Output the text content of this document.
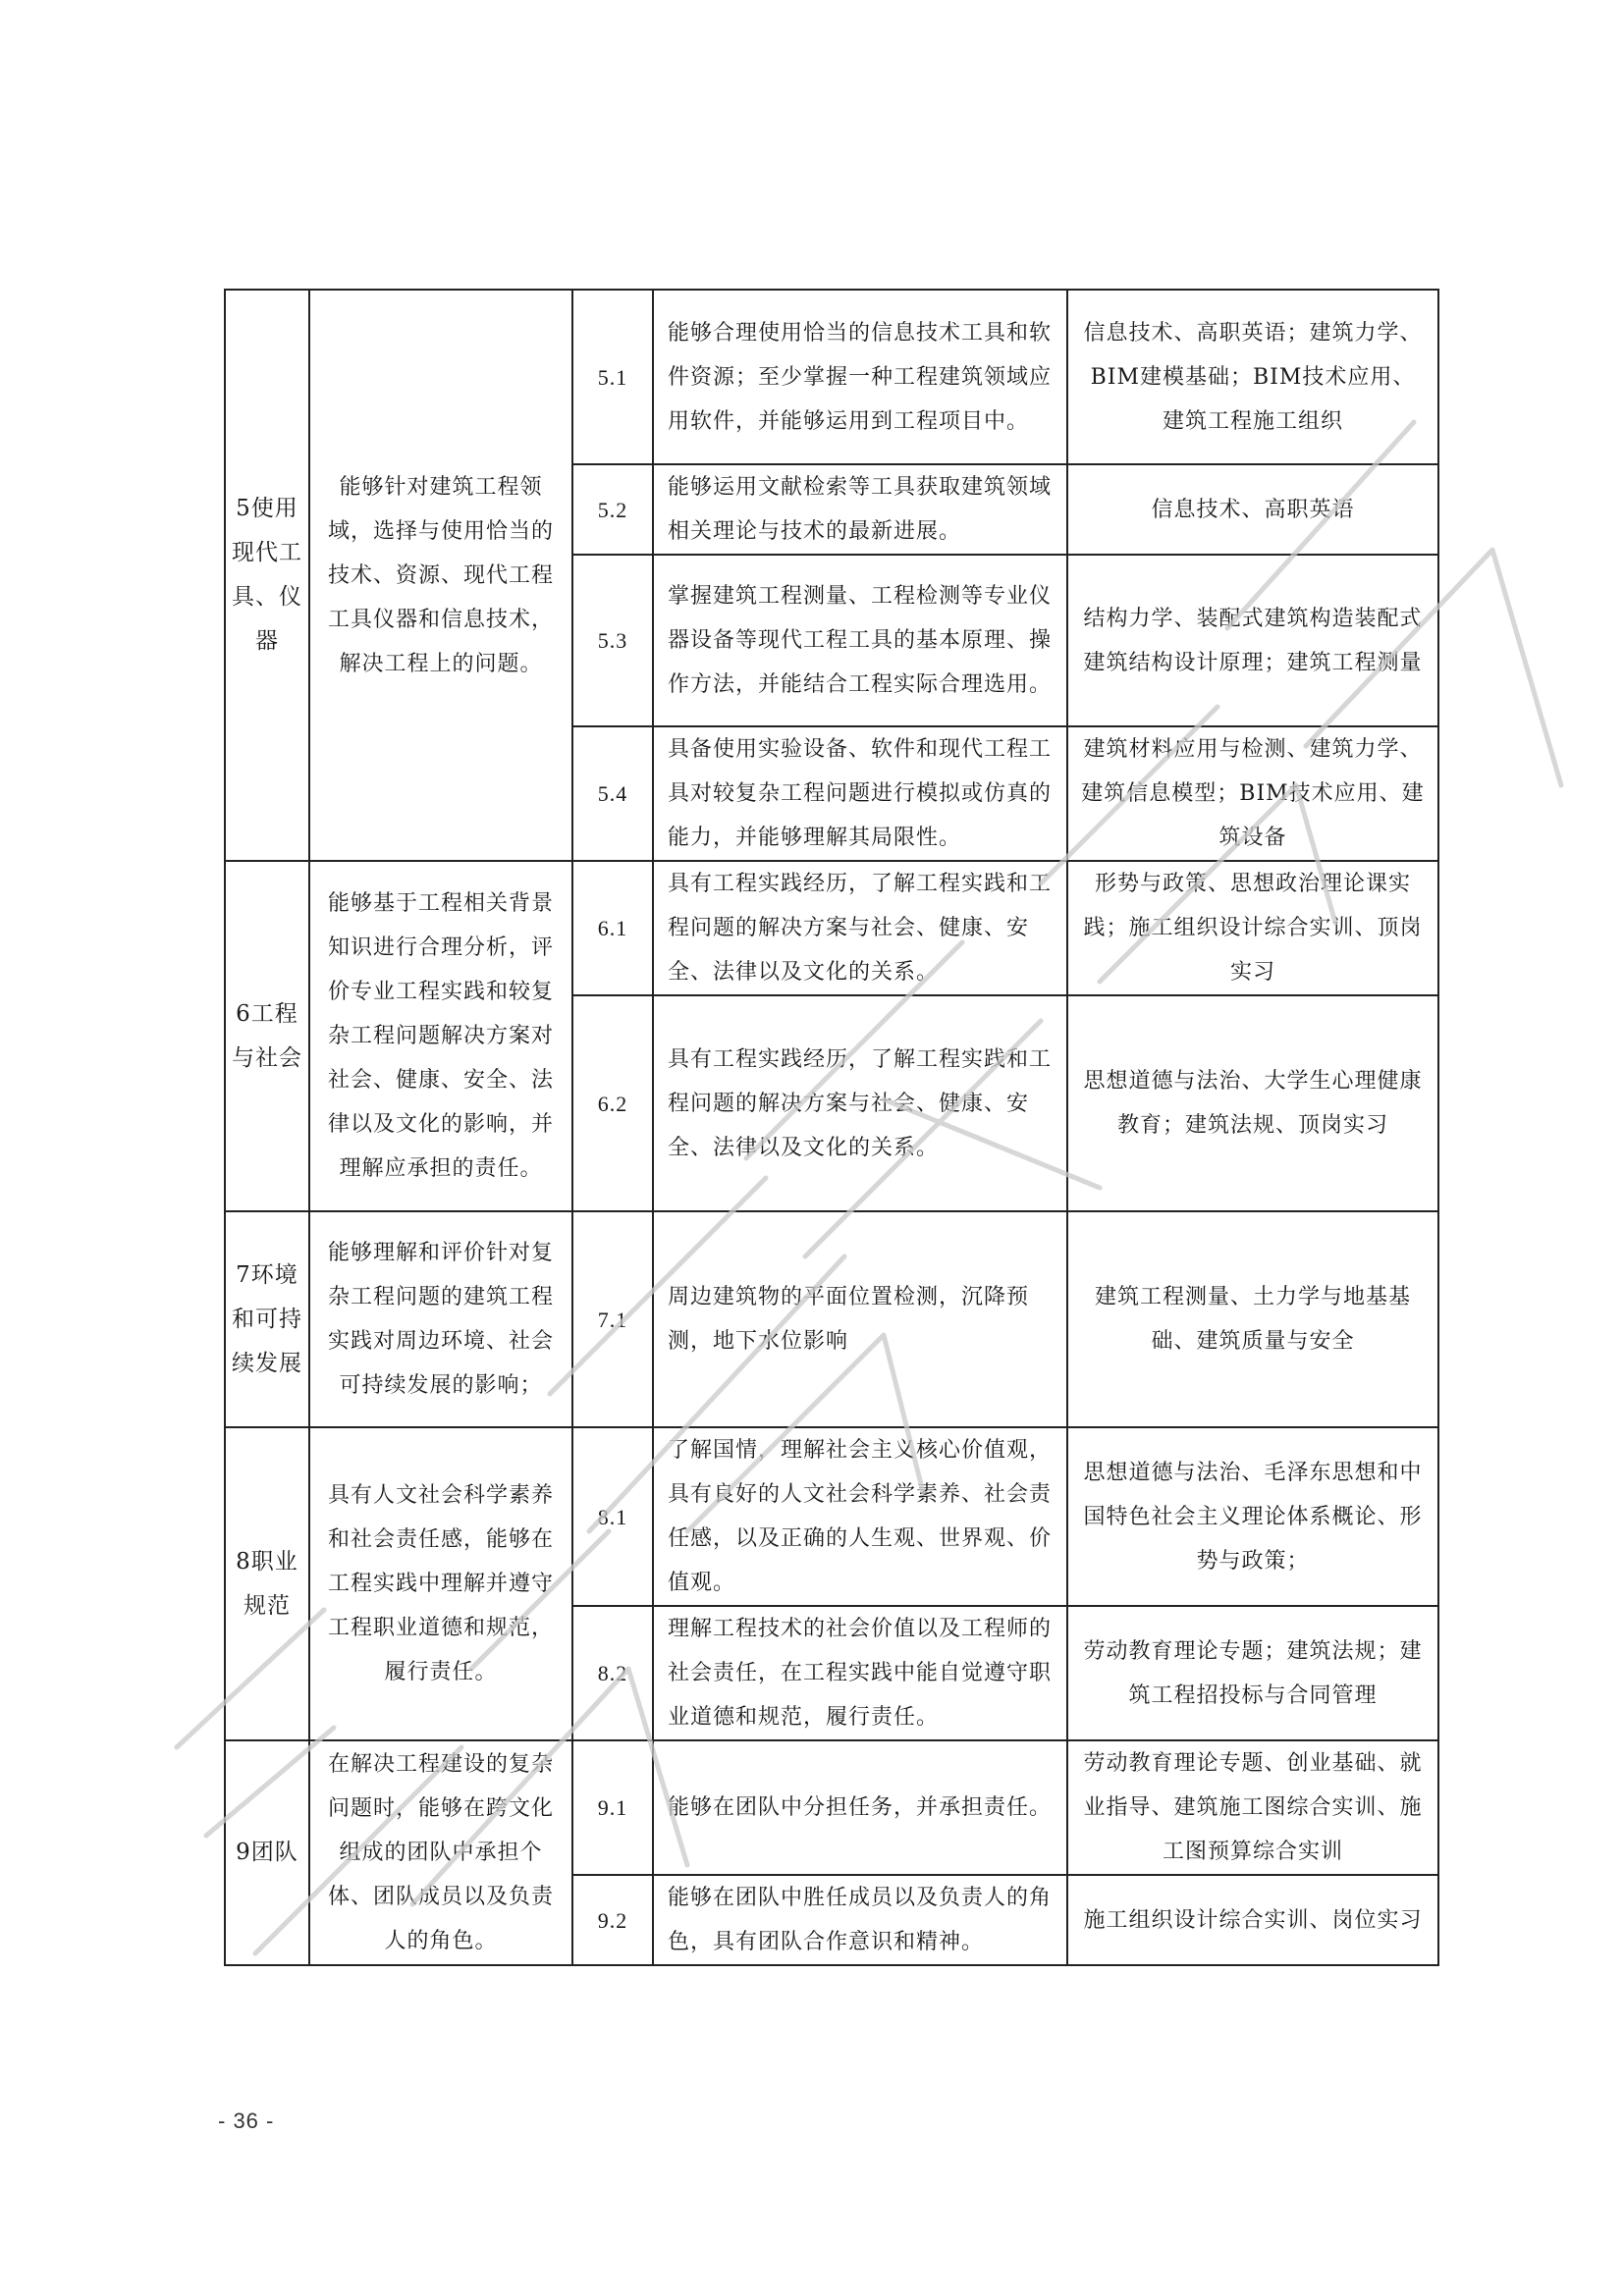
5使用现代工具、仪器	能够针对建筑工程领域，选择与使用恰当的技术、资源、现代工程工具仪器和信息技术，解决工程上的问题。	5.1	能够合理使用恰当的信息技术工具和软件资源；至少掌握一种工程建筑领域应用软件，并能够运用到工程项目中。	信息技术、高职英语；建筑力学、BIM建模基础；BIM技术应用、建筑工程施工组织
		5.2	能够运用文献检索等工具获取建筑领域相关理论与技术的最新进展。	信息技术、高职英语
		5.3	掌握建筑工程测量、工程检测等专业仪器设备等现代工程工具的基本原理、操作方法，并能结合工程实际合理选用。	结构力学、装配式建筑构造装配式建筑结构设计原理；建筑工程测量
		5.4	具备使用实验设备、软件和现代工程工具对较复杂工程问题进行模拟或仿真的能力，并能够理解其局限性。	建筑材料应用与检测、建筑力学、建筑信息模型；BIM技术应用、建筑设备
6工程与社会	能够基于工程相关背景知识进行合理分析，评价专业工程实践和较复杂工程问题解决方案对社会、健康、安全、法律以及文化的影响，并理解应承担的责任。	6.1	具有工程实践经历，了解工程实践和工程问题的解决方案与社会、健康、安全、法律以及文化的关系。	形势与政策、思想政治理论课实践；施工组织设计综合实训、顶岗实习
		6.2	具有工程实践经历，了解工程实践和工程问题的解决方案与社会、健康、安全、法律以及文化的关系。	思想道德与法治、大学生心理健康教育；建筑法规、顶岗实习
7环境和可持续发展	能够理解和评价针对复杂工程问题的建筑工程实践对周边环境、社会可持续发展的影响；	7.1	周边建筑物的平面位置检测，沉降预测，地下水位影响	建筑工程测量、土力学与地基基础、建筑质量与安全
8职业规范	具有人文社会科学素养和社会责任感，能够在工程实践中理解并遵守工程职业道德和规范，履行责任。	8.1	了解国情，理解社会主义核心价值观，具有良好的人文社会科学素养、社会责任感，以及正确的人生观、世界观、价值观。	思想道德与法治、毛泽东思想和中国特色社会主义理论体系概论、形势与政策；
		8.2	理解工程技术的社会价值以及工程师的社会责任，在工程实践中能自觉遵守职业道德和规范，履行责任。	劳动教育理论专题；建筑法规；建筑工程招投标与合同管理
9团队	在解决工程建设的复杂问题时，能够在跨文化组成的团队中承担个体、团队成员以及负责人的角色。	9.1	能够在团队中分担任务，并承担责任。	劳动教育理论专题、创业基础、就业指导、建筑施工图综合实训、施工图预算综合实训
		9.2	能够在团队中胜任成员以及负责人的角色，具有团队合作意识和精神。	施工组织设计综合实训、岗位实习
- 36 -
